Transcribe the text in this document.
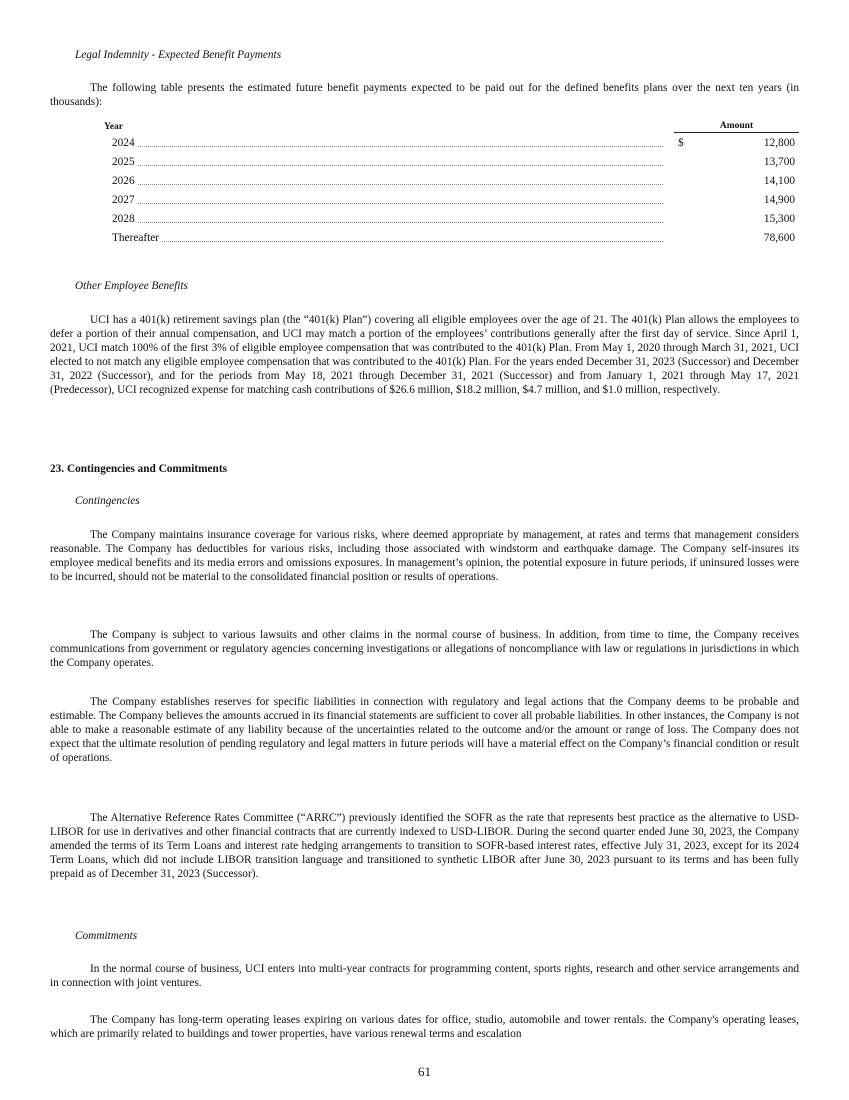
Legal Indemnity - Expected Benefit Payments

The following table presents the estimated future benefit payments expected to be paid out for the defined benefits plans over the next ten years (in thousands):

Year	Amount
2024	$	12,800
2025	13,700
2026	14,100
2027	14,900
2028	15,300
Thereafter	78,600
Other Employee Benefits

UCI has a 401(k) retirement savings plan (the “401(k) Plan”) covering all eligible employees over the age of 21. The 401(k) Plan allows the employees to defer a portion of their annual compensation, and UCI may match a portion of the employees’ contributions generally after the first day of service. Since April 1, 2021, UCI match 100% of the first 3% of eligible employee compensation that was contributed to the 401(k) Plan. From May 1, 2020 through March 31, 2021, UCI elected to not match any eligible employee compensation that was contributed to the 401(k) Plan. For the years ended December 31, 2023 (Successor) and December 31, 2022 (Successor), and for the periods from May 18, 2021 through December 31, 2021 (Successor) and from January 1, 2021 through May 17, 2021 (Predecessor), UCI recognized expense for matching cash contributions of $26.6 million, $18.2 million, $4.7 million, and $1.0 million, respectively.

23. Contingencies and Commitments
Contingencies

The Company maintains insurance coverage for various risks, where deemed appropriate by management, at rates and terms that management considers reasonable. The Company has deductibles for various risks, including those associated with windstorm and earthquake damage. The Company self-insures its employee medical benefits and its media errors and omissions exposures. In management’s opinion, the potential exposure in future periods, if uninsured losses were to be incurred, should not be material to the consolidated financial position or results of operations.

The Company is subject to various lawsuits and other claims in the normal course of business. In addition, from time to time, the Company receives communications from government or regulatory agencies concerning investigations or allegations of noncompliance with law or regulations in jurisdictions in which the Company operates.

The Company establishes reserves for specific liabilities in connection with regulatory and legal actions that the Company deems to be probable and estimable. The Company believes the amounts accrued in its financial statements are sufficient to cover all probable liabilities. In other instances, the Company is not able to make a reasonable estimate of any liability because of the uncertainties related to the outcome and/or the amount or range of loss. The Company does not expect that the ultimate resolution of pending regulatory and legal matters in future periods will have a material effect on the Company’s financial condition or result of operations.

The Alternative Reference Rates Committee (“ARRC”) previously identified the SOFR as the rate that represents best practice as the alternative to USD-LIBOR for use in derivatives and other financial contracts that are currently indexed to USD-LIBOR. During the second quarter ended June 30, 2023, the Company amended the terms of its Term Loans and interest rate hedging arrangements to transition to SOFR-based interest rates, effective July 31, 2023, except for its 2024 Term Loans, which did not include LIBOR transition language and transitioned to synthetic LIBOR after June 30, 2023 pursuant to its terms and has been fully prepaid as of December 31, 2023 (Successor).

Commitments

In the normal course of business, UCI enters into multi-year contracts for programming content, sports rights, research and other service arrangements and in connection with joint ventures.

The Company has long-term operating leases expiring on various dates for office, studio, automobile and tower rentals. the Company's operating leases, which are primarily related to buildings and tower properties, have various renewal terms and escalation

61
